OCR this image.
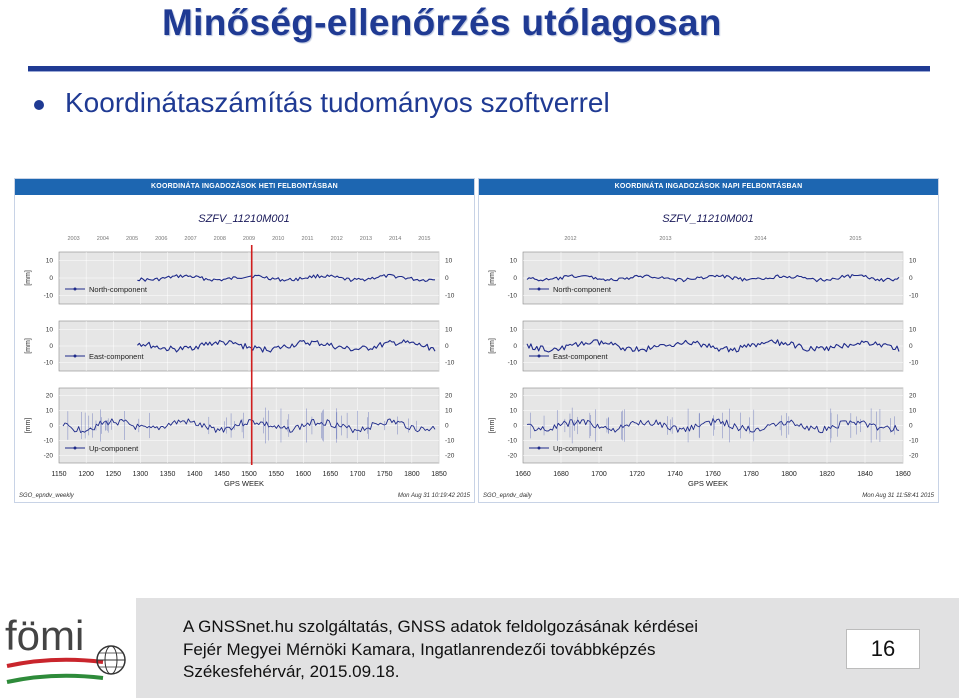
Minőség-ellenőrzés utólagosan
Koordinátaszámítás tudományos szoftverrel
KOORDINÁTA INGADOZÁSOK HETI FELBONTÁSBAN
SZFV_11210M001
2003	2004	2005	2006	2007	2008	2009	2010	2011	2012	2013	2014	2015
10	10
0	0
-10	-10
[mm]
North-component
10	10
0	0
-10	-10
[mm]
East-component
20	20
10	10
0	0
-10	-10
-20	-20
[mm]
Up-component
1150 1200 1250 1300 1350 1400 1450 1500 1550 1600 1650 1700 1750 1800 1850
GPS WEEK
SGO_epndv_weekly	Mon Aug 31 10:19:42 2015
KOORDINÁTA INGADOZÁSOK NAPI FELBONTÁSBAN
SZFV_11210M001
2012	2013	2014	2015
10	10
0	0
-10	-10
[mm]
North-component
10	10
0	0
-10	-10
[mm]
East-component
20	20
10	10
0	0
-10	-10
-20	-20
[mm]
Up-component
1660	1680	1700	1720	1740	1760	1780	1800	1820	1840	1860
GPS WEEK
SGO_epndv_daily	Mon Aug 31 11:58:41 2015
fömi	A GNSSnet.hu szolgáltatás, GNSS adatok feldolgozásának kérdései
Fejér Megyei Mérnöki Kamara, Ingatlanrendezői továbbképzés
Székesfehérvár, 2015.09.18.
16
